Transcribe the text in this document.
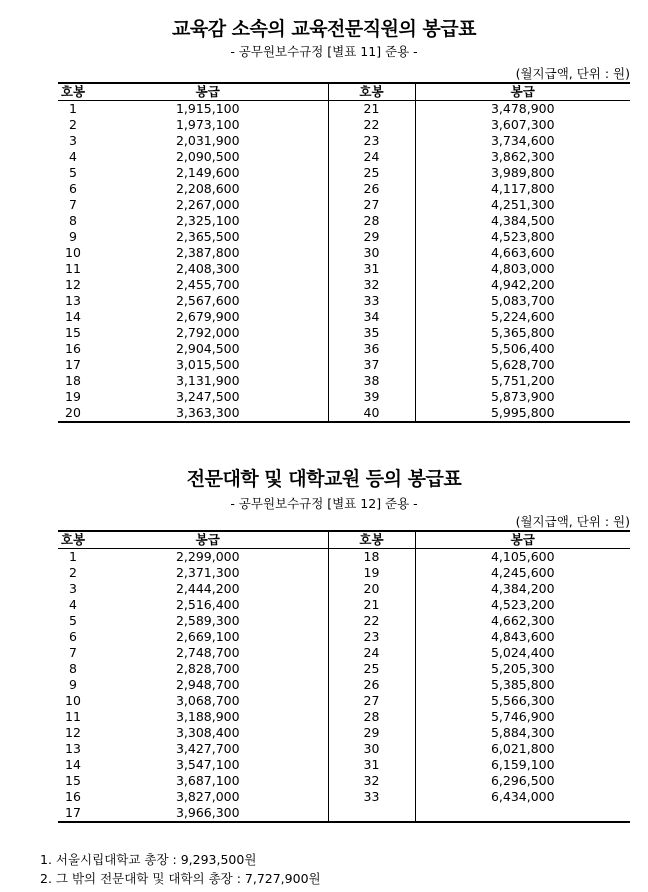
교육감 소속의 교육전문직원의 봉급표
- 공무원보수규정 [별표 11] 준용 -
(월지급액, 단위 : 원)
호봉	봉급	호봉	봉급
1	1,915,100	21	3,478,900
2	1,973,100	22	3,607,300
3	2,031,900	23	3,734,600
4	2,090,500	24	3,862,300
5	2,149,600	25	3,989,800
6	2,208,600	26	4,117,800
7	2,267,000	27	4,251,300
8	2,325,100	28	4,384,500
9	2,365,500	29	4,523,800
10	2,387,800	30	4,663,600
11	2,408,300	31	4,803,000
12	2,455,700	32	4,942,200
13	2,567,600	33	5,083,700
14	2,679,900	34	5,224,600
15	2,792,000	35	5,365,800
16	2,904,500	36	5,506,400
17	3,015,500	37	5,628,700
18	3,131,900	38	5,751,200
19	3,247,500	39	5,873,900
20	3,363,300	40	5,995,800
전문대학 및 대학교원 등의 봉급표
- 공무원보수규정 [별표 12] 준용 -
(월지급액, 단위 : 원)
호봉	봉급	호봉	봉급
1	2,299,000	18	4,105,600
2	2,371,300	19	4,245,600
3	2,444,200	20	4,384,200
4	2,516,400	21	4,523,200
5	2,589,300	22	4,662,300
6	2,669,100	23	4,843,600
7	2,748,700	24	5,024,400
8	2,828,700	25	5,205,300
9	2,948,700	26	5,385,800
10	3,068,700	27	5,566,300
11	3,188,900	28	5,746,900
12	3,308,400	29	5,884,300
13	3,427,700	30	6,021,800
14	3,547,100	31	6,159,100
15	3,687,100	32	6,296,500
16	3,827,000	33	6,434,000
17	3,966,300		
1. 서울시립대학교 총장 : 9,293,500원
2. 그 밖의 전문대학 및 대학의 총장 : 7,727,900원
